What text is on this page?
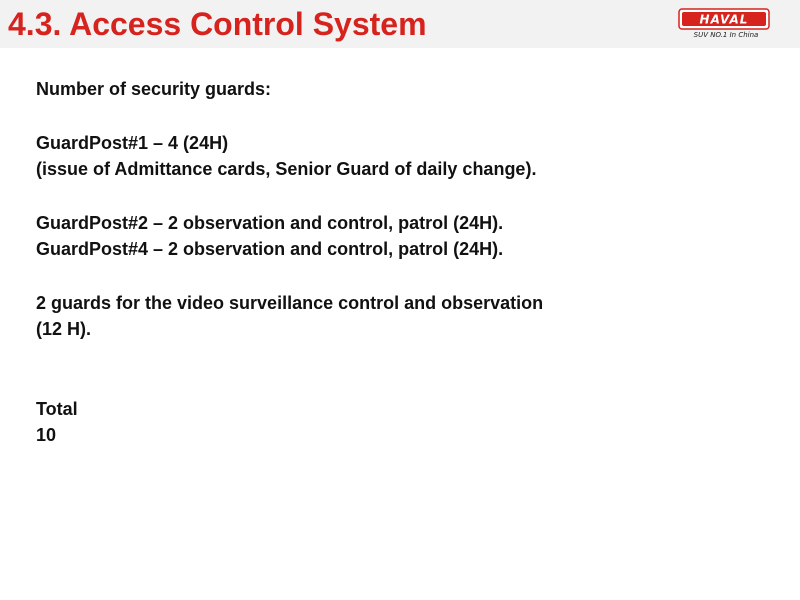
4.3. Access Control System	HAVAL
SUV NO.1 In China

Number of security guards:

GuardPost#1 – 4 (24H)

(issue of Admittance cards, Senior Guard of daily change).

GuardPost#2 – 2 observation and control, patrol (24H).

GuardPost#4 – 2 observation and control, patrol (24H).

2 guards for the video surveillance control and observation

(12 H).

Total

10
